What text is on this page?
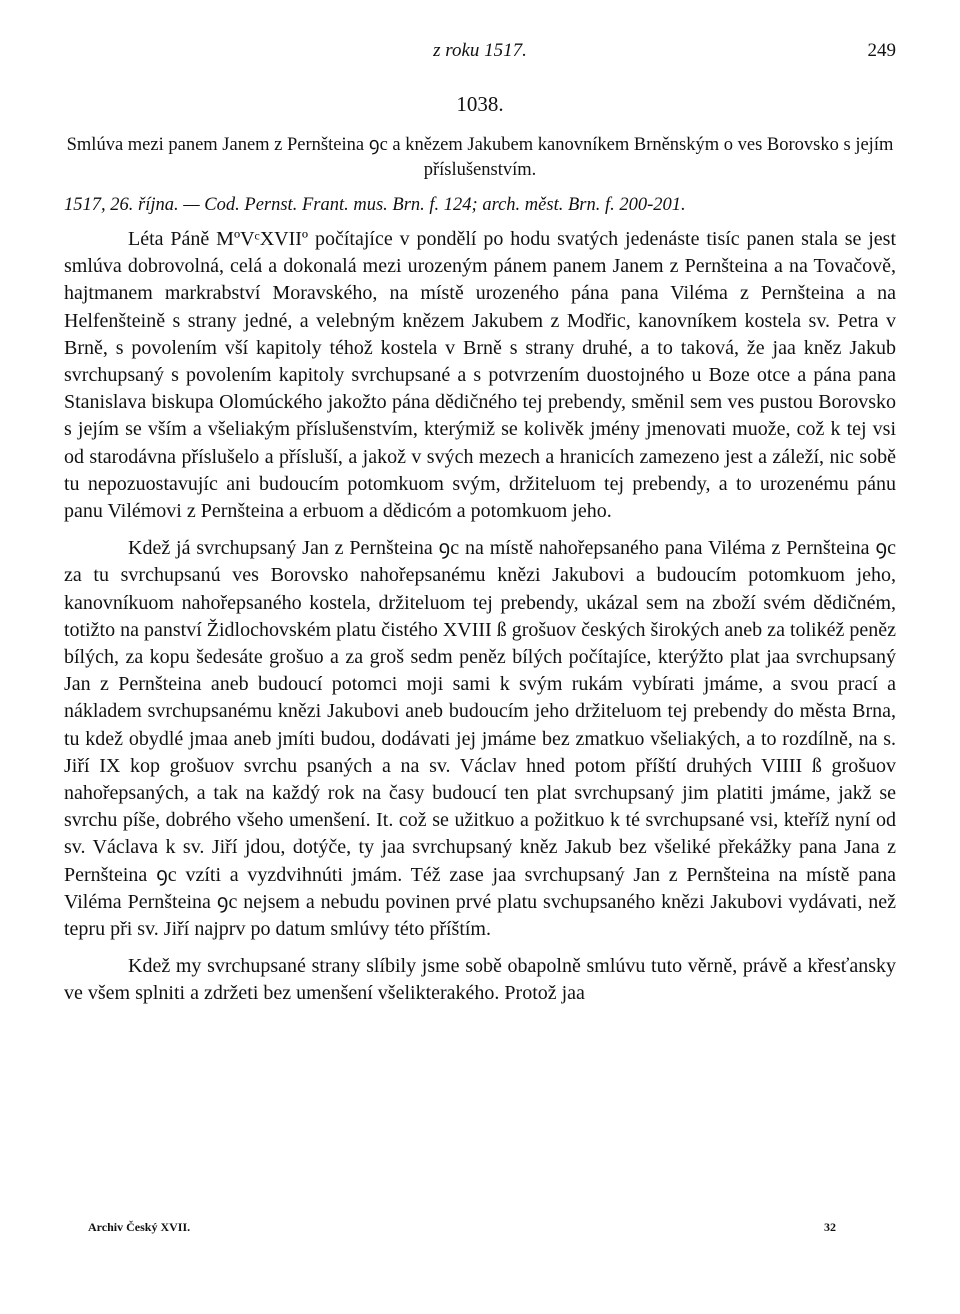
z roku 1517.	249
1038.
Smlúva mezi panem Janem z Pernšteina ꝯc a knězem Jakubem kanovníkem Brněnským o ves Borovsko s jejím příslušenstvím.
1517, 26. října. — Cod. Pernst. Frant. mus. Brn. f. 124; arch. měst. Brn. f. 200-201.

Léta Páně MºVᶜXVIIº počítajíce v pondělí po hodu svatých jedenáste tisíc panen stala se jest smlúva dobrovolná, celá a dokonalá mezi urozeným pánem panem Janem z Pernšteina a na Tovačově, hajtmanem markrabství Moravského, na místě urozeného pána pana Viléma z Pernšteina a na Helfenšteině s strany jedné, a velebným knězem Jakubem z Modřic, kanovníkem kostela sv. Petra v Brně, s povolením vší kapitoly téhož kostela v Brně s strany druhé, a to taková, že jaa kněz Jakub svrchupsaný s povolením kapitoly svrchupsané a s potvrzením duostojného u Boze otce a pána pana Stanislava biskupa Olomúckého jakožto pána dědičného tej prebendy, směnil sem ves pustou Borovsko s jejím se vším a všeliakým příslušenstvím, kterýmiž se kolivěk jmény jmenovati muože, což k tej vsi od starodávna příslušelo a přísluší, a jakož v svých mezech a hranicích zamezeno jest a záleží, nic sobě tu nepozuostavujíc ani budoucím potomkuom svým, držiteluom tej prebendy, a to urozenému pánu panu Vilémovi z Pernšteina a erbuom a dědicóm a potomkuom jeho.

Kdež já svrchupsaný Jan z Pernšteina ꝯc na místě nahořepsaného pana Viléma z Pernšteina ꝯc za tu svrchupsanú ves Borovsko nahořepsanému knězi Jakubovi a budoucím potomkuom jeho, kanovníkuom nahořepsaného kostela, držiteluom tej prebendy, ukázal sem na zboží svém dědičném, totižto na panství Židlochovském platu čistého XVIII ß grošuov českých širokých aneb za tolikéž peněz bílých, za kopu šedesáte grošuo a za groš sedm peněz bílých počítajíce, kterýžto plat jaa svrchupsaný Jan z Pernšteina aneb budoucí potomci moji sami k svým rukám vybírati jmáme, a svou prací a nákladem svrchupsanému knězi Jakubovi aneb budoucím jeho držiteluom tej prebendy do města Brna, tu kdež obydlé jmaa aneb jmíti budou, dodávati jej jmáme bez zmatkuo všeliakých, a to rozdílně, na s. Jiří IX kop grošuov svrchu psaných a na sv. Václav hned potom příští druhých VIIII ß grošuov nahořepsaných, a tak na každý rok na časy budoucí ten plat svrchupsaný jim platiti jmáme, jakž se svrchu píše, dobrého všeho umenšení. It. což se užitkuo a požitkuo k té svrchupsané vsi, kteříž nyní od sv. Václava k sv. Jiří jdou, dotýče, ty jaa svrchupsaný kněz Jakub bez všeliké překážky pana Jana z Pernšteina ꝯc vzíti a vyzdvihnúti jmám. Též zase jaa svrchupsaný Jan z Pernšteina na místě pana Viléma Pernšteina ꝯc nejsem a nebudu povinen prvé platu svchupsaného knězi Jakubovi vydávati, než tepru při sv. Jiří najprv po datum smlúvy této příštím.

Kdež my svrchupsané strany slíbily jsme sobě obapolně smlúvu tuto věrně, právě a křesťansky ve všem splniti a zdržeti bez umenšení všelikterakého. Protož jaa

Archiv Český XVII.	32
